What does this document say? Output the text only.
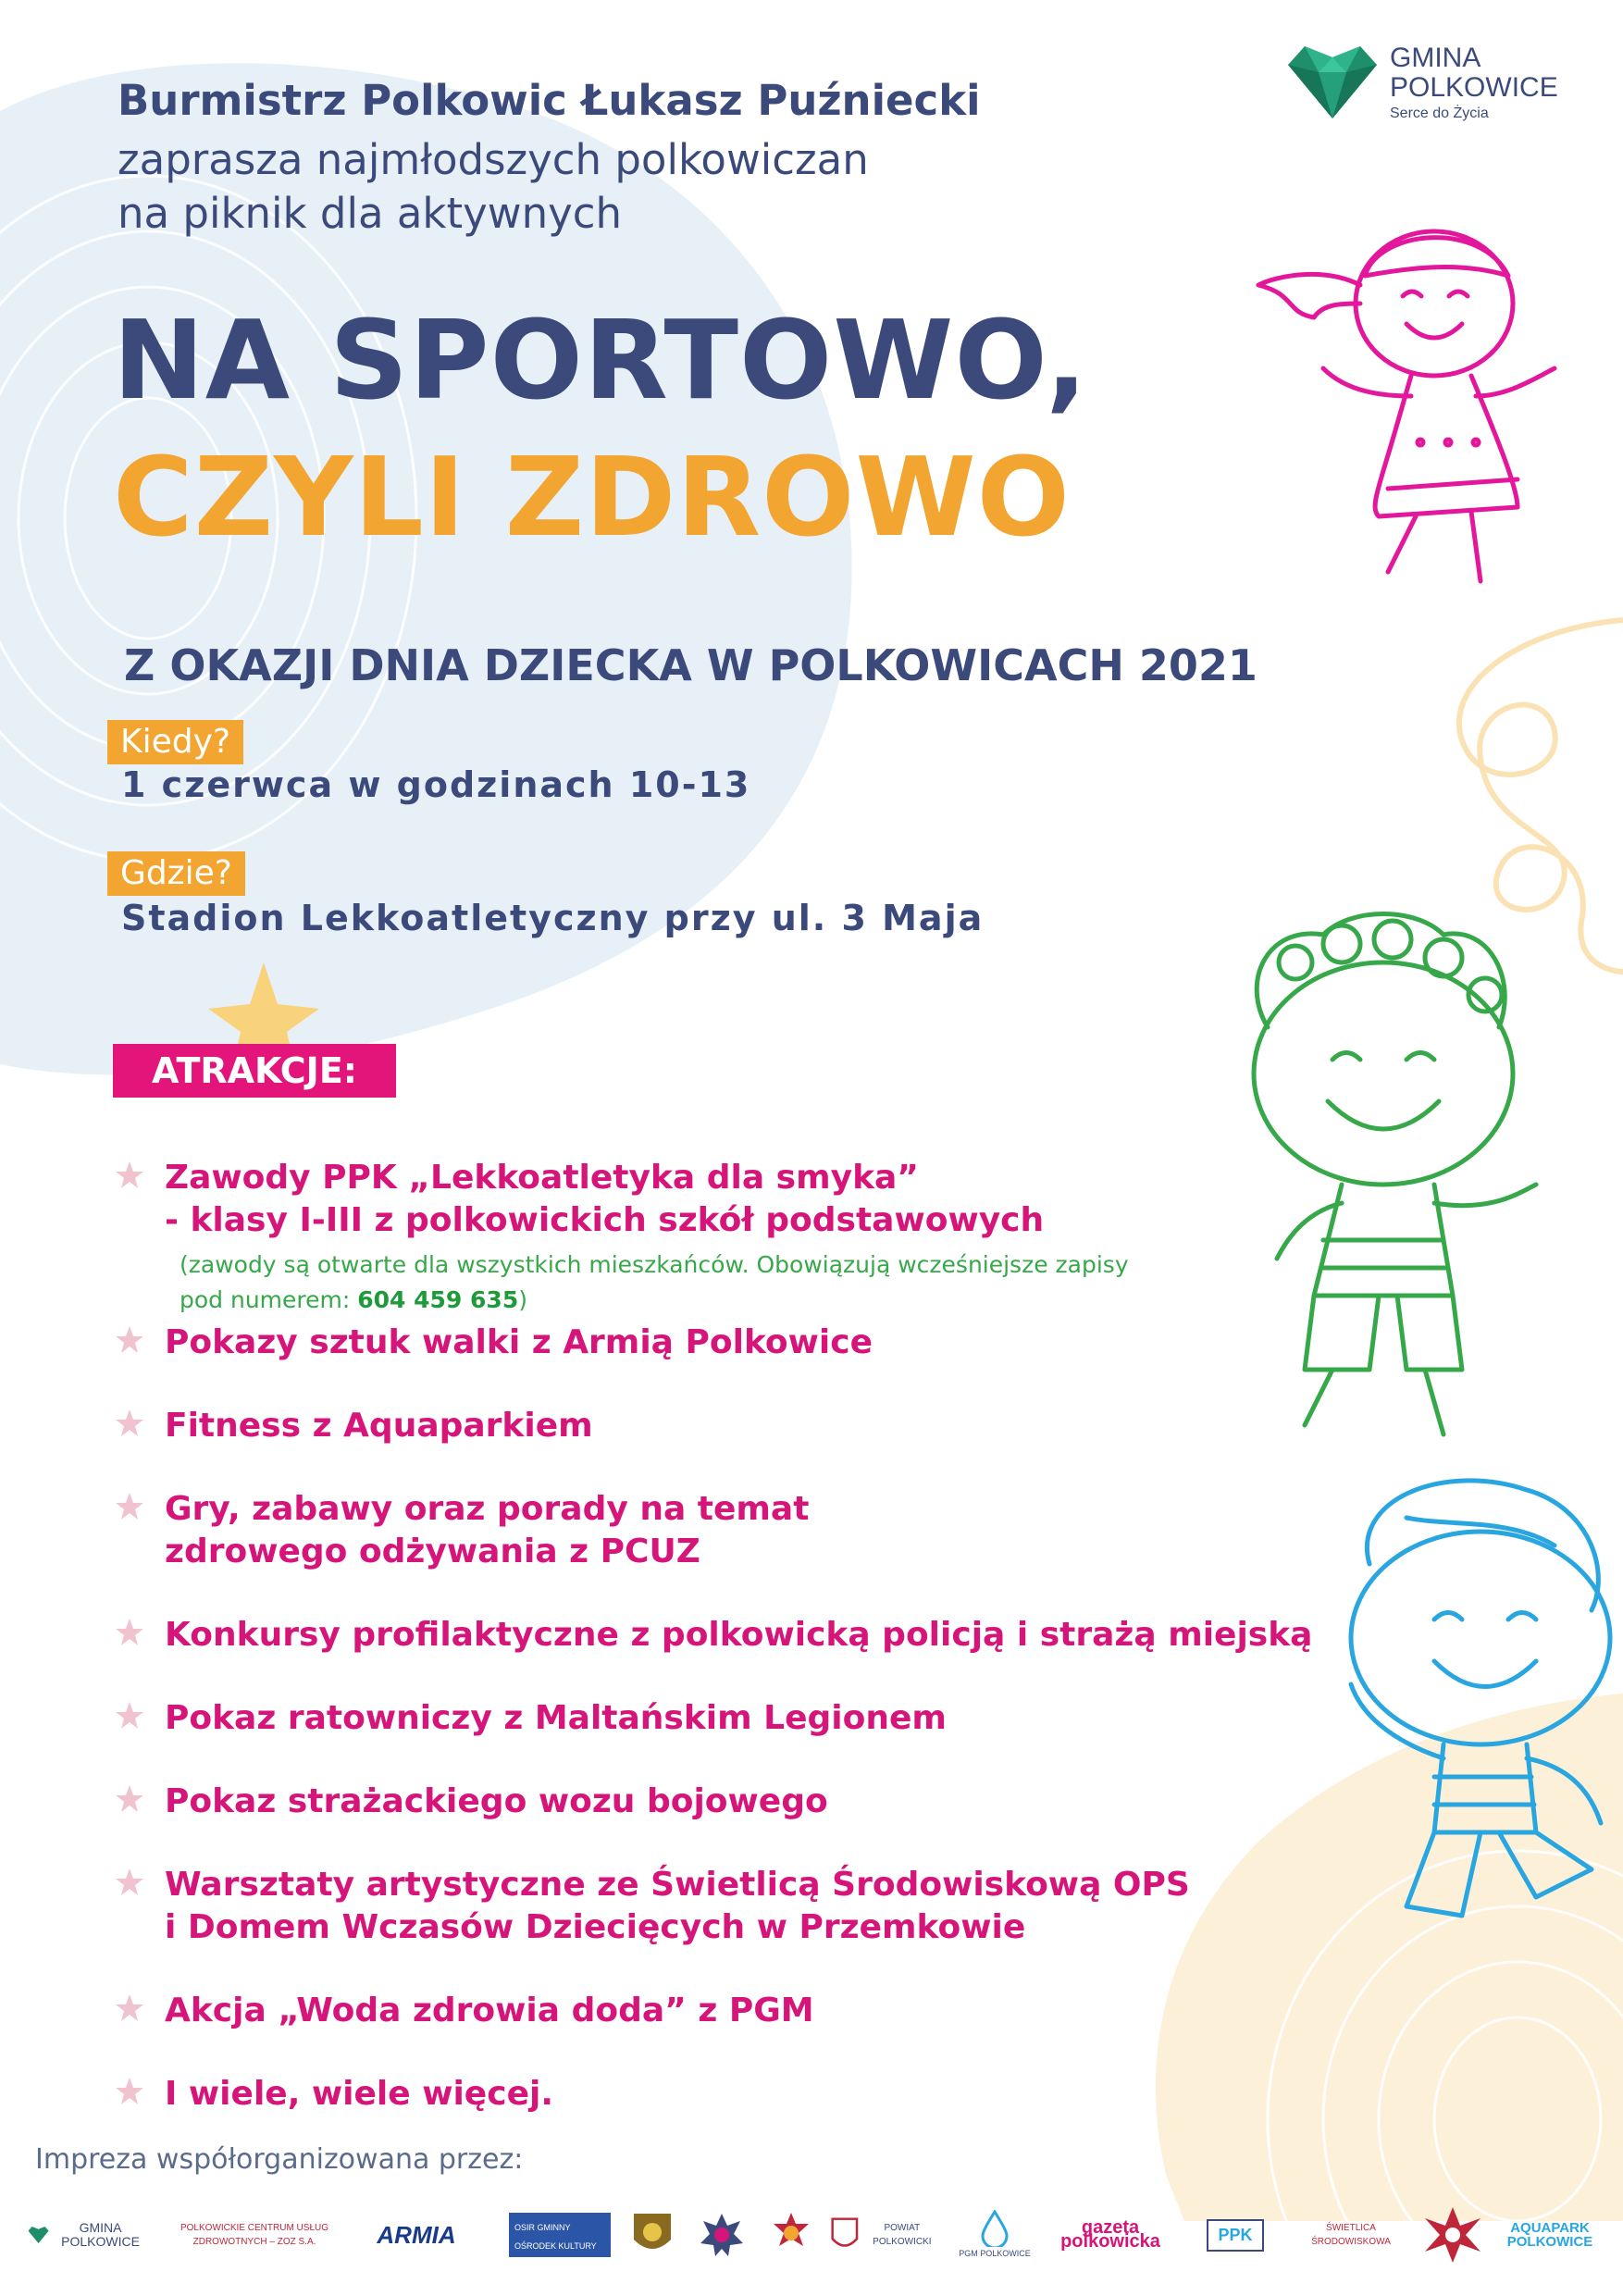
GMINA
POLKOWICE
Serce do Życia
Burmistrz Polkowic Łukasz Puźniecki
zaprasza najmłodszych polkowiczan
na piknik dla aktywnych
NA SPORTOWO,
CZYLI ZDROWO
Z OKAZJI DNIA DZIECKA W POLKOWICACH 2021
Kiedy?
1 czerwca w godzinach 10-13
Gdzie?
Stadion Lekkoatletyczny przy ul. 3 Maja
ATRAKCJE:
Zawody PPK „Lekkoatletyka dla smyka”
- klasy I-III z polkowickich szkół podstawowych
(zawody są otwarte dla wszystkich mieszkańców. Obowiązują wcześniejsze zapisy
pod numerem: 604 459 635)
Pokazy sztuk walki z Armią Polkowice
Fitness z Aquaparkiem
Gry, zabawy oraz porady na temat
zdrowego odżywania z PCUZ
Konkursy profilaktyczne z polkowicką policją i strażą miejską
Pokaz ratowniczy z Maltańskim Legionem
Pokaz strażackiego wozu bojowego
Warsztaty artystyczne ze Świetlicą Środowiskową OPS
i Domem Wczasów Dziecięcych w Przemkowie
Akcja „Woda zdrowia doda” z PGM
I wiele, wiele więcej.
Impreza współorganizowana przez:
GMINA POLKOWICE
POLKOWICKIE CENTRUM USŁUG ZDROWOTNYCH – ZOZ S.A.	ARMIA	OSIR GMINNY OŚRODEK KULTURY
POWIAT POLKOWICKI
PGM POLKOWICE
gazeta polkowicka	PPK	ŚWIETLICA ŚRODOWISKOWA
AQUAPARK POLKOWICE
